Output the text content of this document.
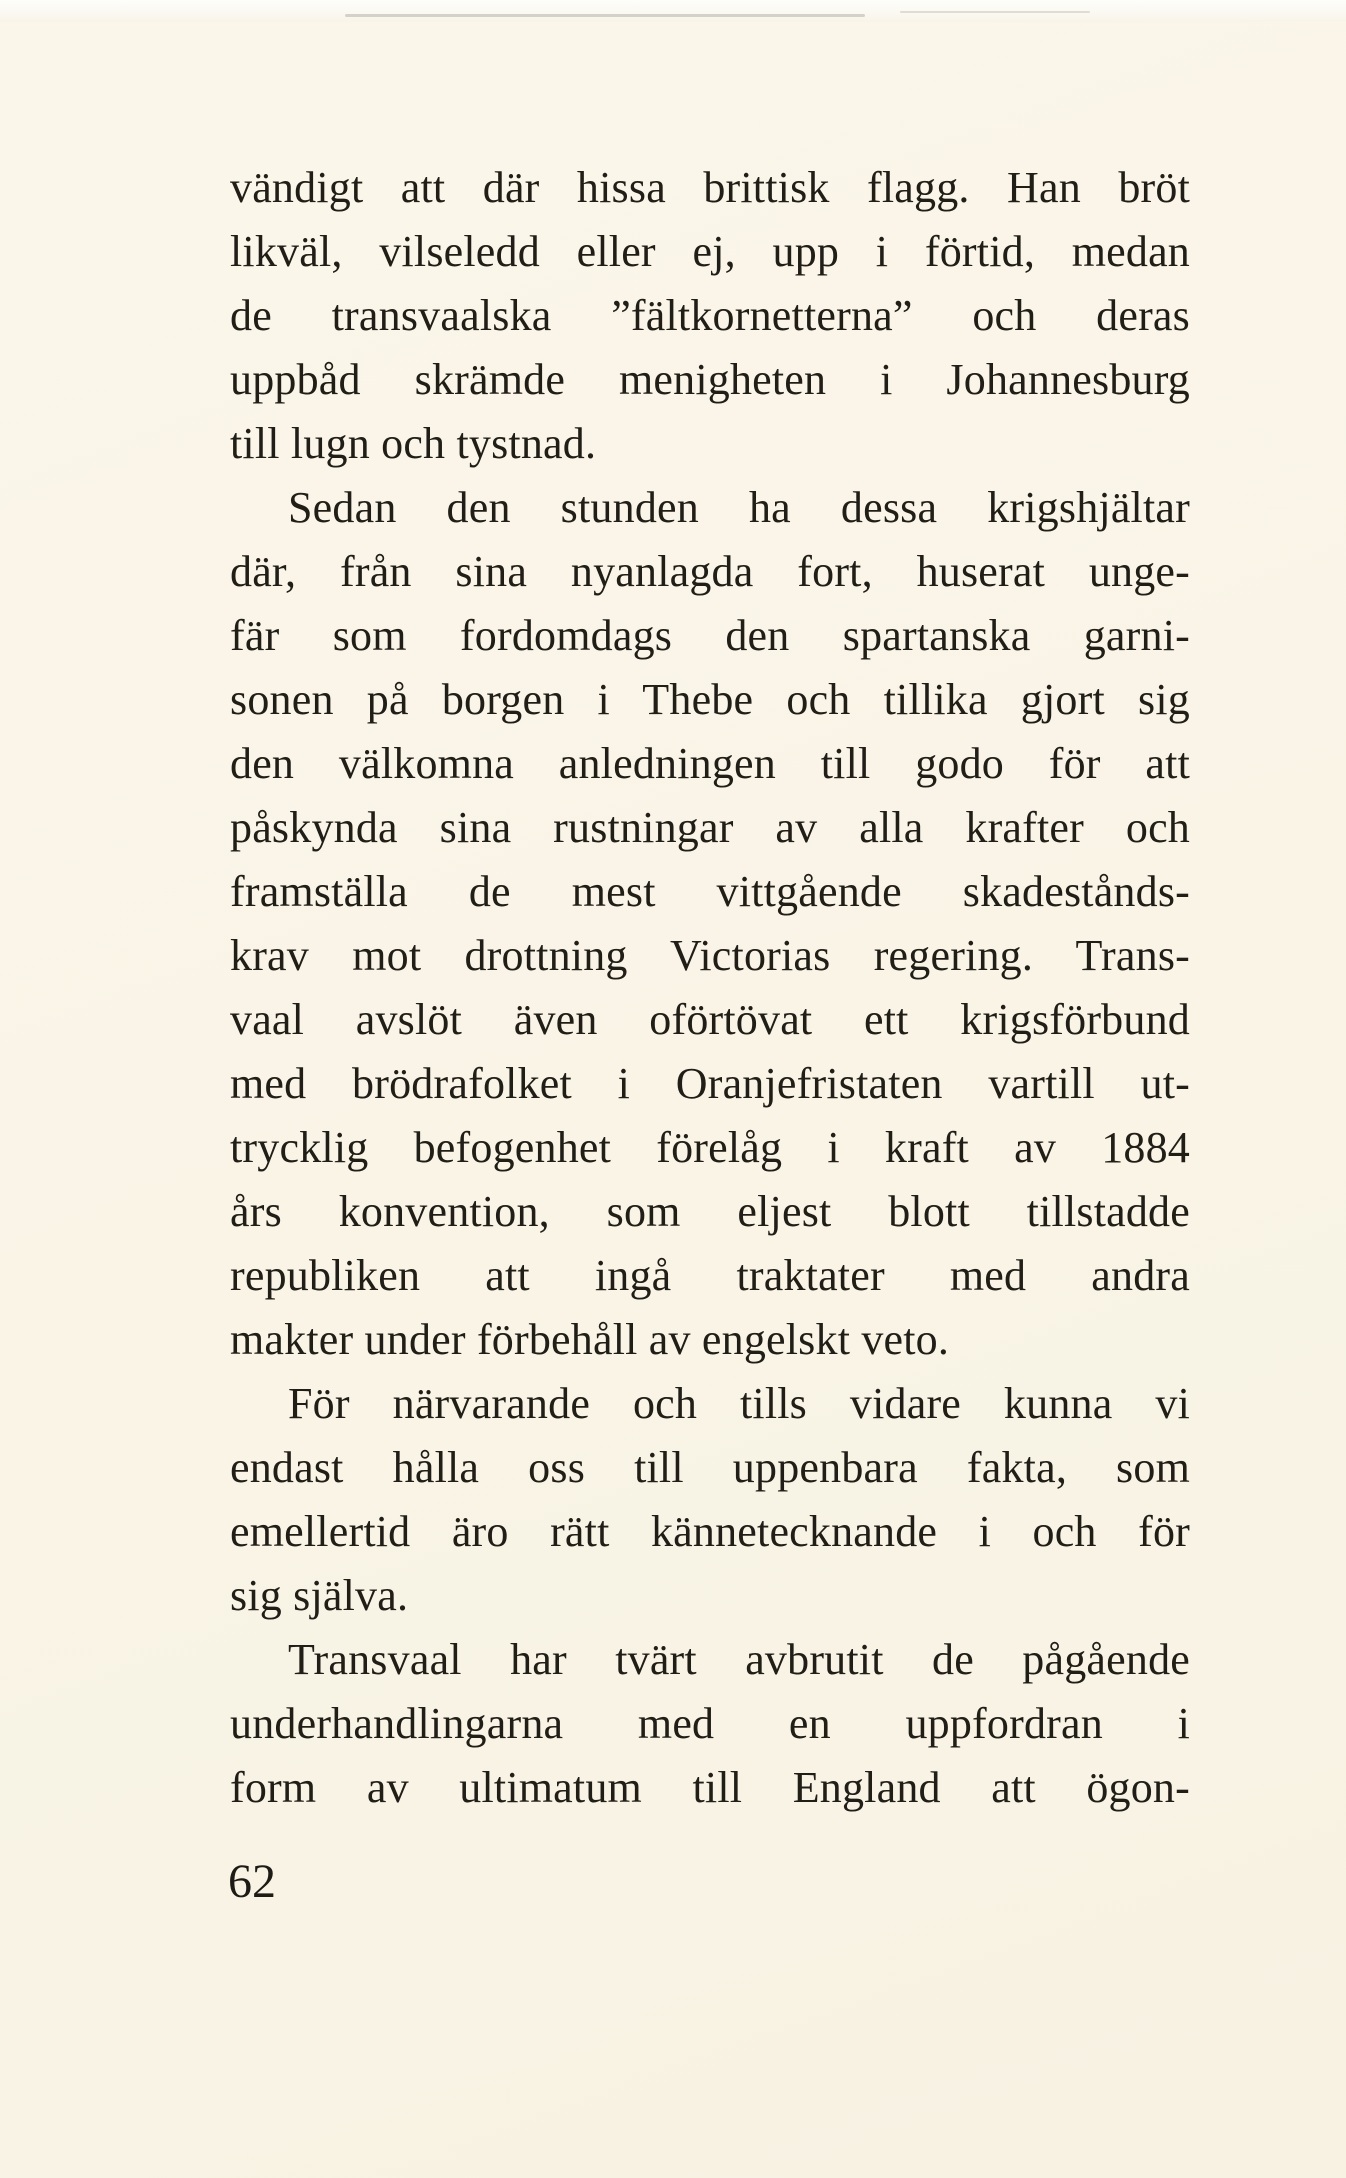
vändigt att där hissa brittisk flagg. Han bröt
likväl, vilseledd eller ej, upp i förtid, medan
de transvaalska ”fältkornetterna” och deras
uppbåd skrämde menigheten i Johannesburg
till lugn och tystnad.
Sedan den stunden ha dessa krigshjältar
där, från sina nyanlagda fort, huserat unge-
fär som fordomdags den spartanska garni-
sonen på borgen i Thebe och tillika gjort sig
den välkomna anledningen till godo för att
påskynda sina rustningar av alla krafter och
framställa de mest vittgående skadestånds-
krav mot drottning Victorias regering. Trans-
vaal avslöt även oförtövat ett krigsförbund
med brödrafolket i Oranjefristaten vartill ut-
trycklig befogenhet förelåg i kraft av 1884
års konvention, som eljest blott tillstadde
republiken att ingå traktater med andra
makter under förbehåll av engelskt veto.
För närvarande och tills vidare kunna vi
endast hålla oss till uppenbara fakta, som
emellertid äro rätt kännetecknande i och för
sig själva.
Transvaal har tvärt avbrutit de pågående
underhandlingarna med en uppfordran i
form av ultimatum till England att ögon-
62
